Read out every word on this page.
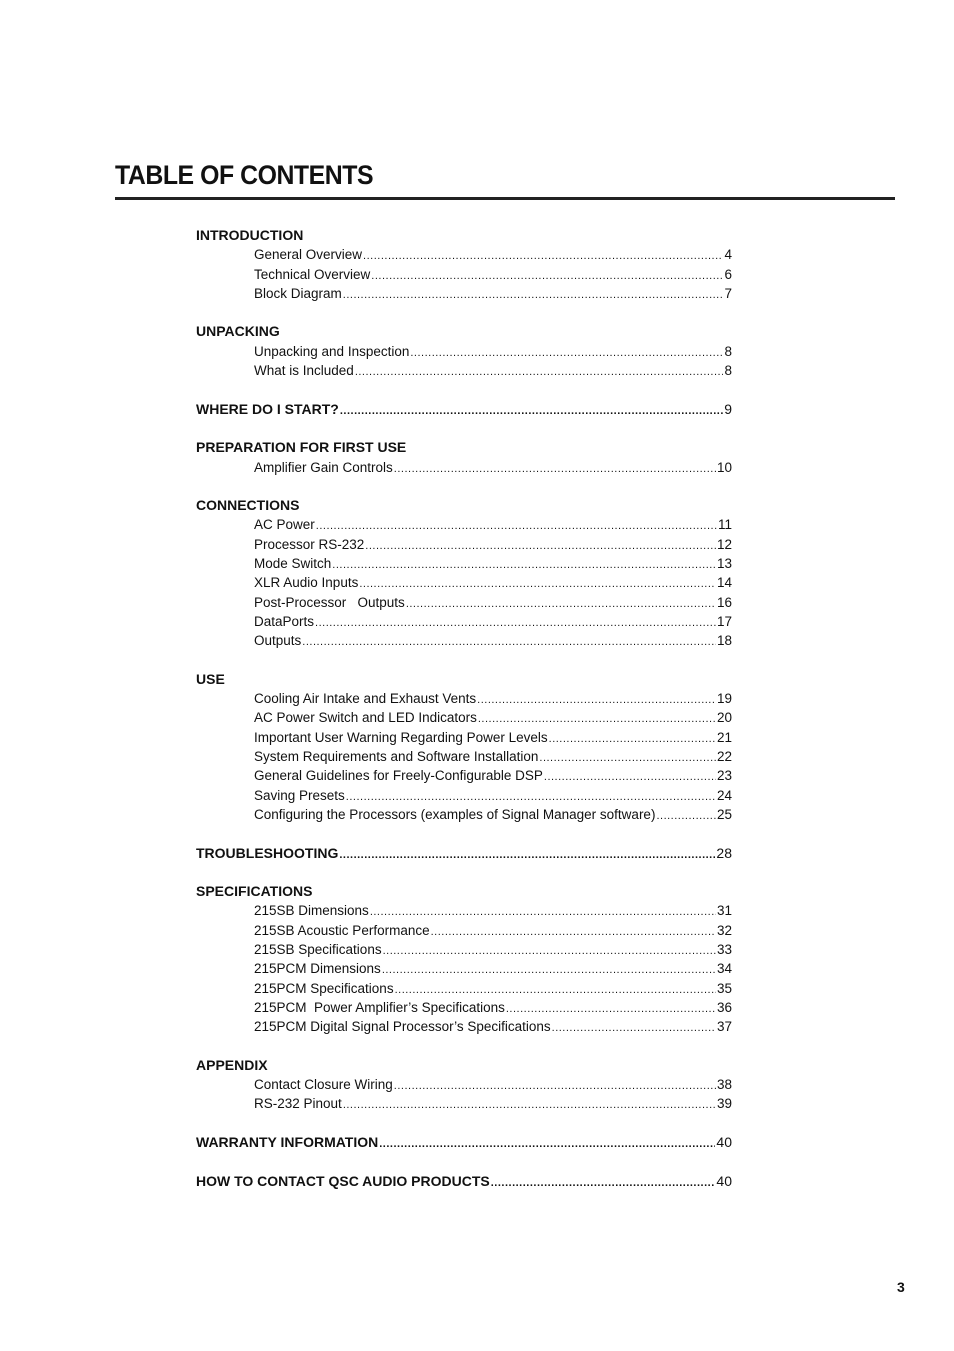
TABLE OF CONTENTS
INTRODUCTION
General Overview .....	4
Technical Overview .....	6
Block Diagram .....	7
UNPACKING
Unpacking and Inspection .....	8
What is Included .....	8
WHERE DO I START? .....	9
PREPARATION FOR FIRST USE
Amplifier Gain Controls .....	10
CONNECTIONS
AC Power .....	11
Processor RS-232 .....	12
Mode Switch .....	13
XLR Audio Inputs .....	14
Post-Processor   Outputs .....	16
DataPorts .....	17
Outputs .....	18
USE
Cooling Air Intake and Exhaust Vents .....	19
AC Power Switch and LED Indicators .....	20
Important User Warning Regarding Power Levels .....	21
System Requirements and Software Installation .....	22
General Guidelines for Freely-Configurable DSP .....	23
Saving Presets .....	24
Configuring the Processors (examples of Signal Manager software) .....	25
TROUBLESHOOTING .....	28
SPECIFICATIONS
215SB Dimensions .....	31
215SB Acoustic Performance .....	32
215SB Specifications .....	33
215PCM Dimensions .....	34
215PCM Specifications .....	35
215PCM  Power Amplifier’s Specifications .....	36
215PCM Digital Signal Processor’s Specifications .....	37
APPENDIX
Contact Closure Wiring .....	38
RS-232 Pinout .....	39
WARRANTY INFORMATION .....	40
HOW TO CONTACT QSC AUDIO PRODUCTS .....	40
3
